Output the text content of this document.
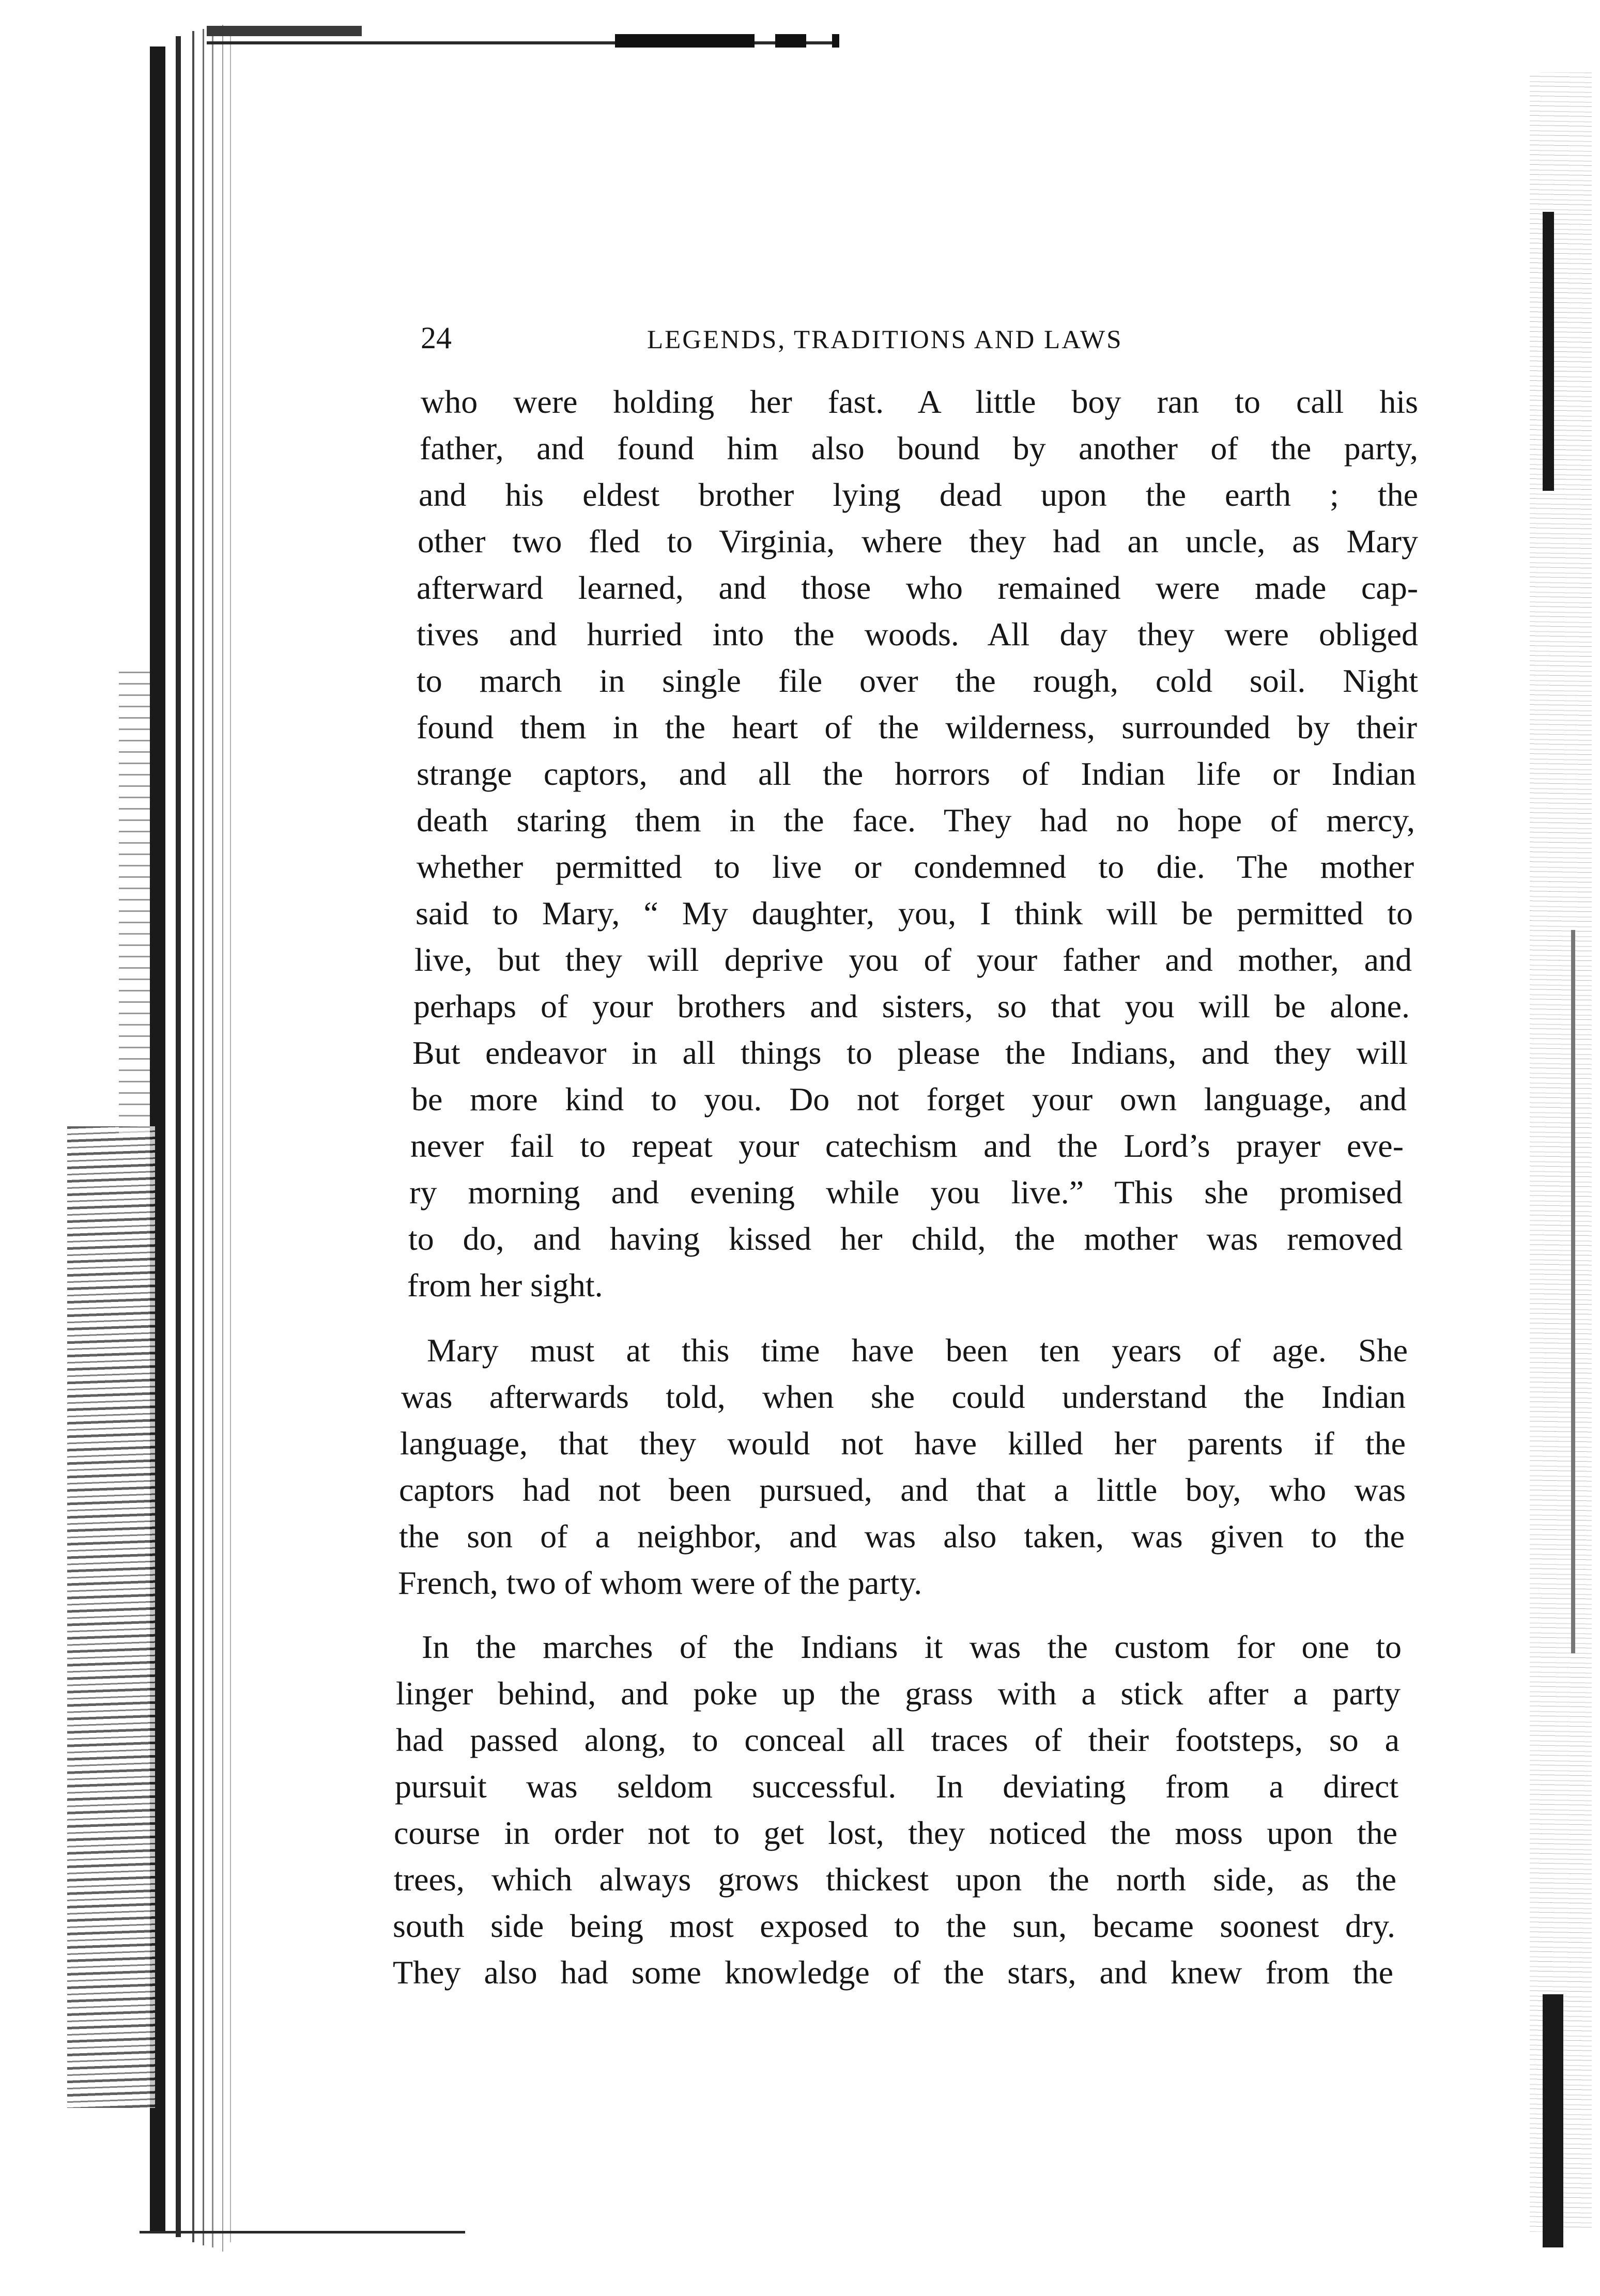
24	LEGENDS, TRADITIONS AND LAWS
who were holding her fast. A little boy ran to call his
father, and found him also bound by another of the party,
and his eldest brother lying dead upon the earth ; the
other two fled to Virginia, where they had an uncle, as Mary
afterward learned, and those who remained were made cap-
tives and hurried into the woods. All day they were obliged
to march in single file over the rough, cold soil. Night
found them in the heart of the wilderness, surrounded by their
strange captors, and all the horrors of Indian life or Indian
death staring them in the face. They had no hope of mercy,
whether permitted to live or condemned to die. The mother
said to Mary, “ My daughter, you, I think will be permitted to
live, but they will deprive you of your father and mother, and
perhaps of your brothers and sisters, so that you will be alone.
But endeavor in all things to please the Indians, and they will
be more kind to you. Do not forget your own language, and
never fail to repeat your catechism and the Lord’s prayer eve-
ry morning and evening while you live.” This she promised
to do, and having kissed her child, the mother was removed
from her sight.
Mary must at this time have been ten years of age. She
was afterwards told, when she could understand the Indian
language, that they would not have killed her parents if the
captors had not been pursued, and that a little boy, who was
the son of a neighbor, and was also taken, was given to the
French, two of whom were of the party.
In the marches of the Indians it was the custom for one to
linger behind, and poke up the grass with a stick after a party
had passed along, to conceal all traces of their footsteps, so a
pursuit was seldom successful. In deviating from a direct
course in order not to get lost, they noticed the moss upon the
trees, which always grows thickest upon the north side, as the
south side being most exposed to the sun, became soonest dry.
They also had some knowledge of the stars, and knew from the
